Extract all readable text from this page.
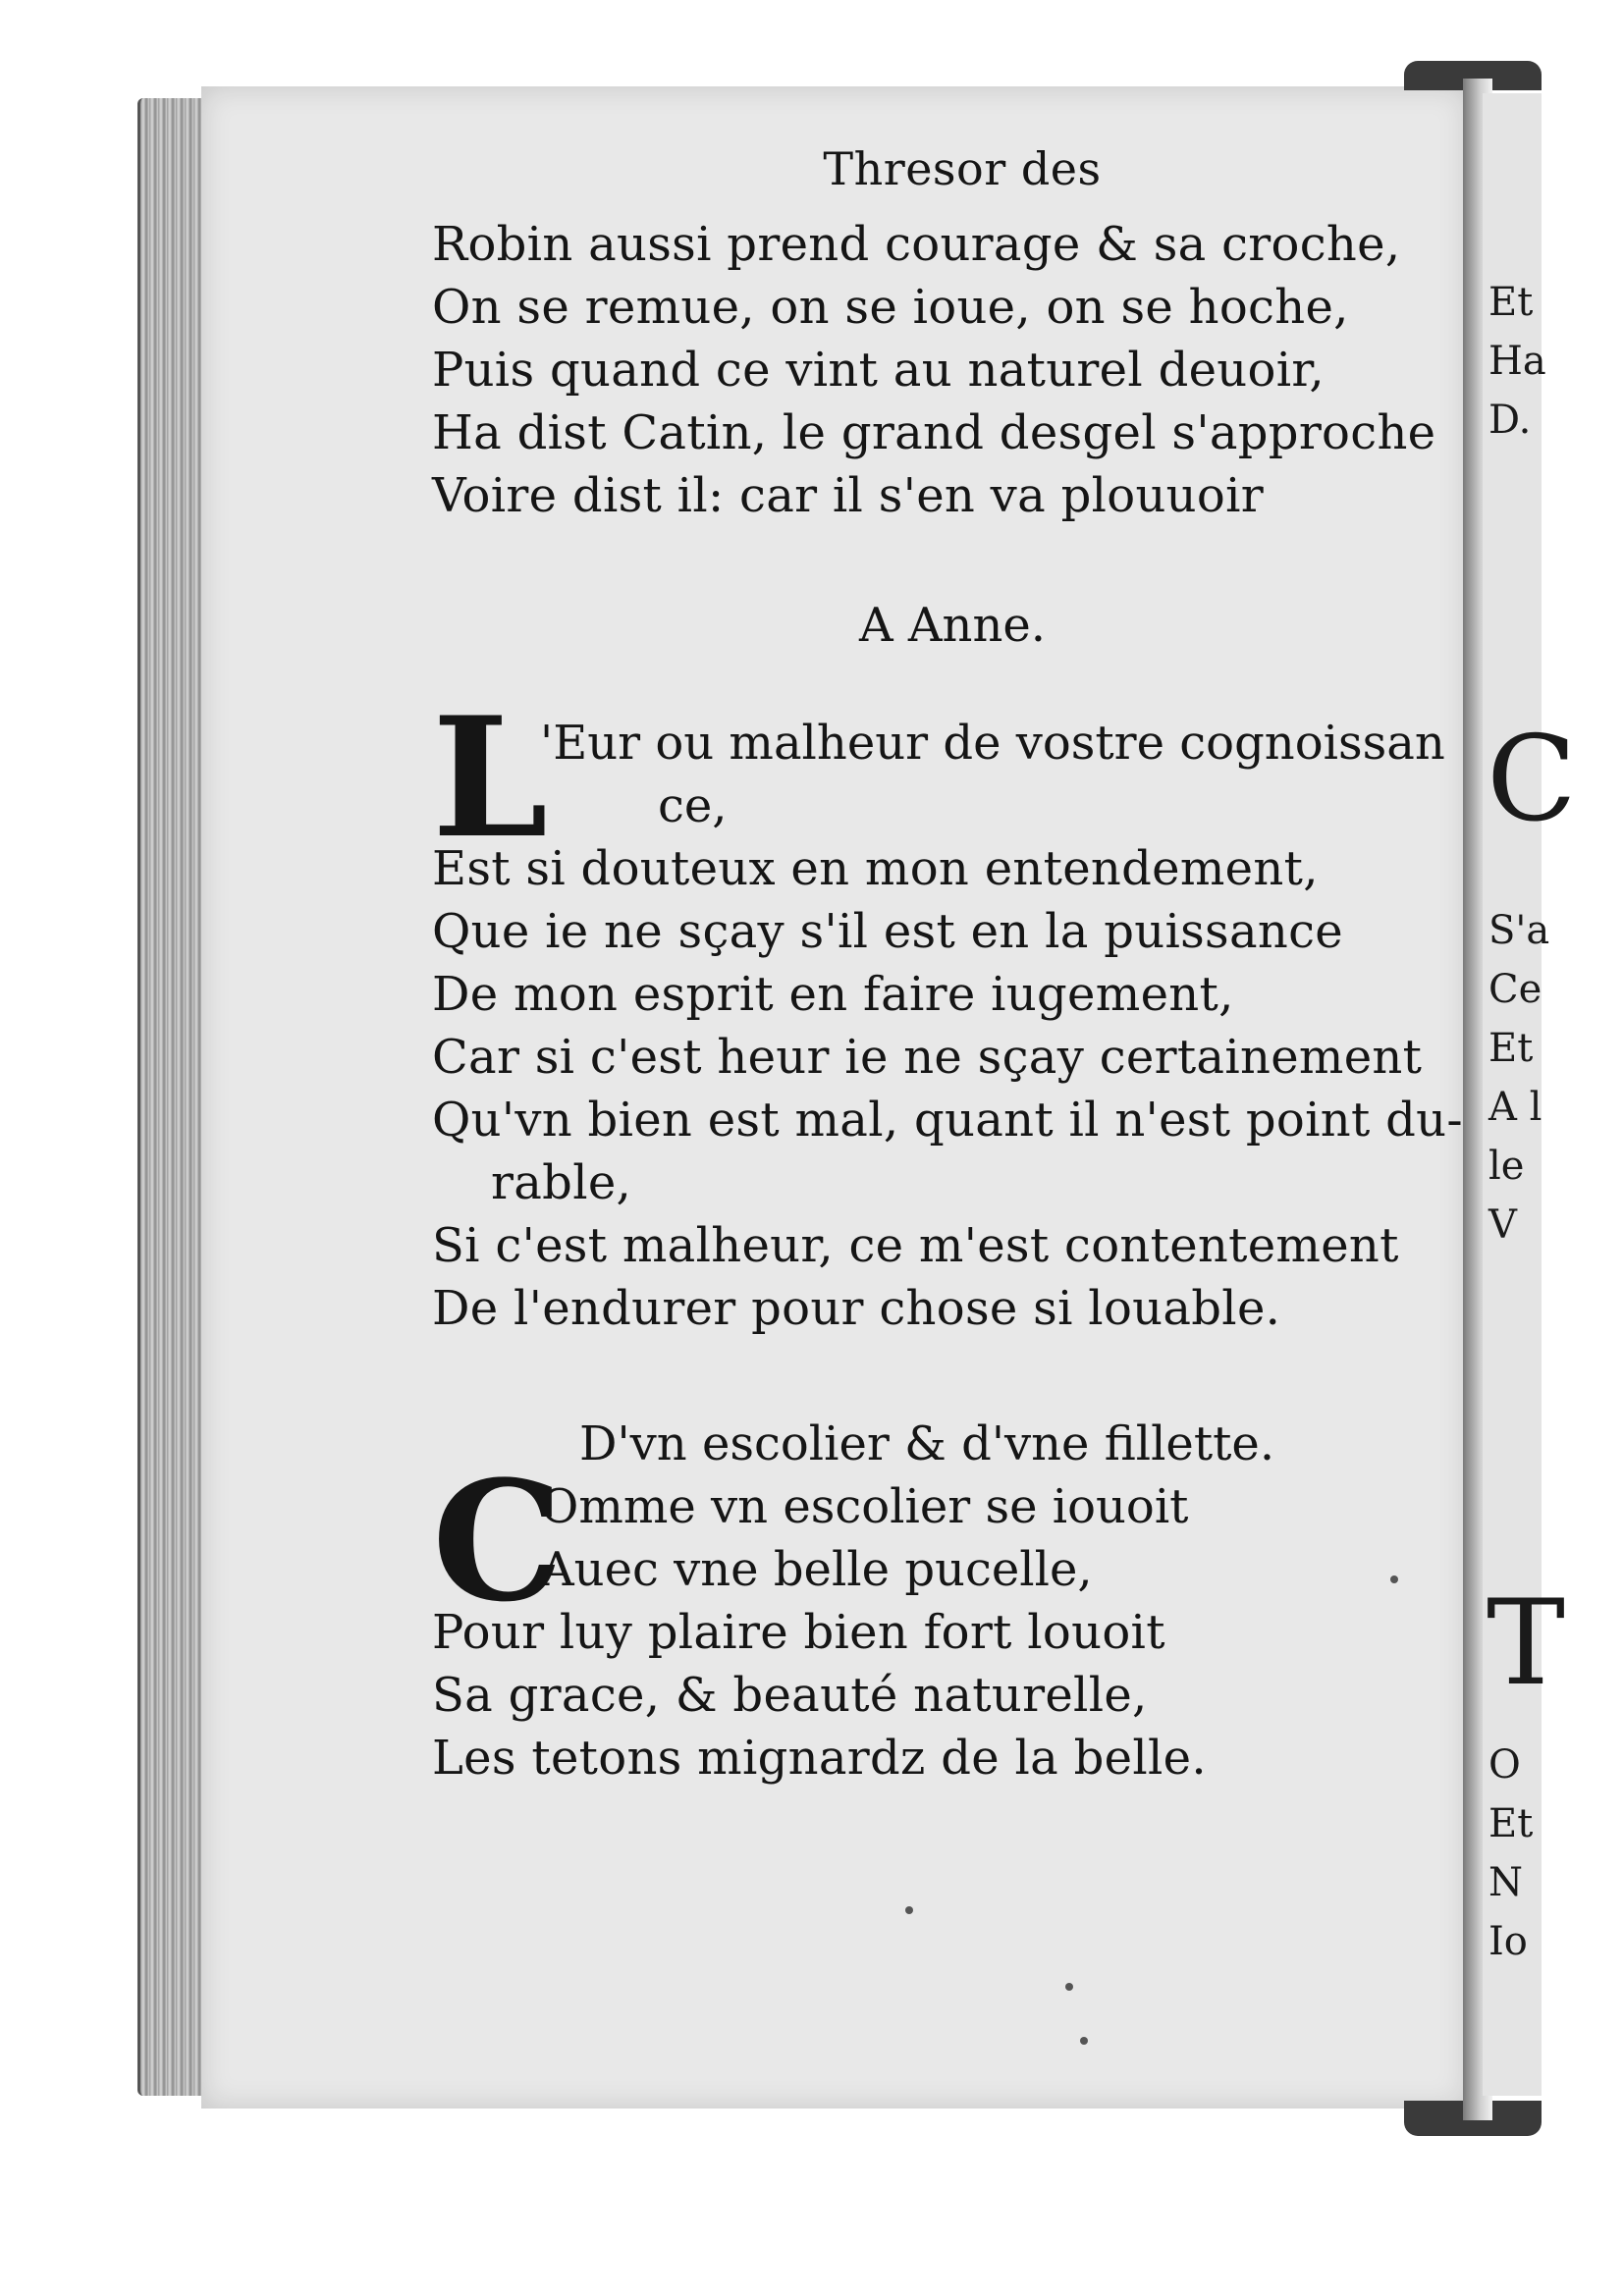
Et
Ha
D.
C
S'a
Ce
Et
A l
le
V
T
O
Et
N
Io
Thresor des
Robin aussi prend courage & sa croche,
On se remue, on se ioue, on se hoche,
Puis quand ce vint au naturel deuoir,
Ha dist Catin, le grand desgel s'approche
Voire dist il: car il s'en va plouuoir
A Anne.
L
'Eur ou malheur de vostre cognoissan
ce,
Est si douteux en mon entendement,
Que ie ne sçay s'il est en la puissance
De mon esprit en faire iugement,
Car si c'est heur ie ne sçay certainement
Qu'vn bien est mal, quant il n'est point du-
rable,
Si c'est malheur, ce m'est contentement
De l'endurer pour chose si louable.
D'vn escolier & d'vne fillette.
C
Omme vn escolier se iouoit
Auec vne belle pucelle,
Pour luy plaire bien fort louoit
Sa grace, & beauté naturelle,
Les tetons mignardz de la belle.
